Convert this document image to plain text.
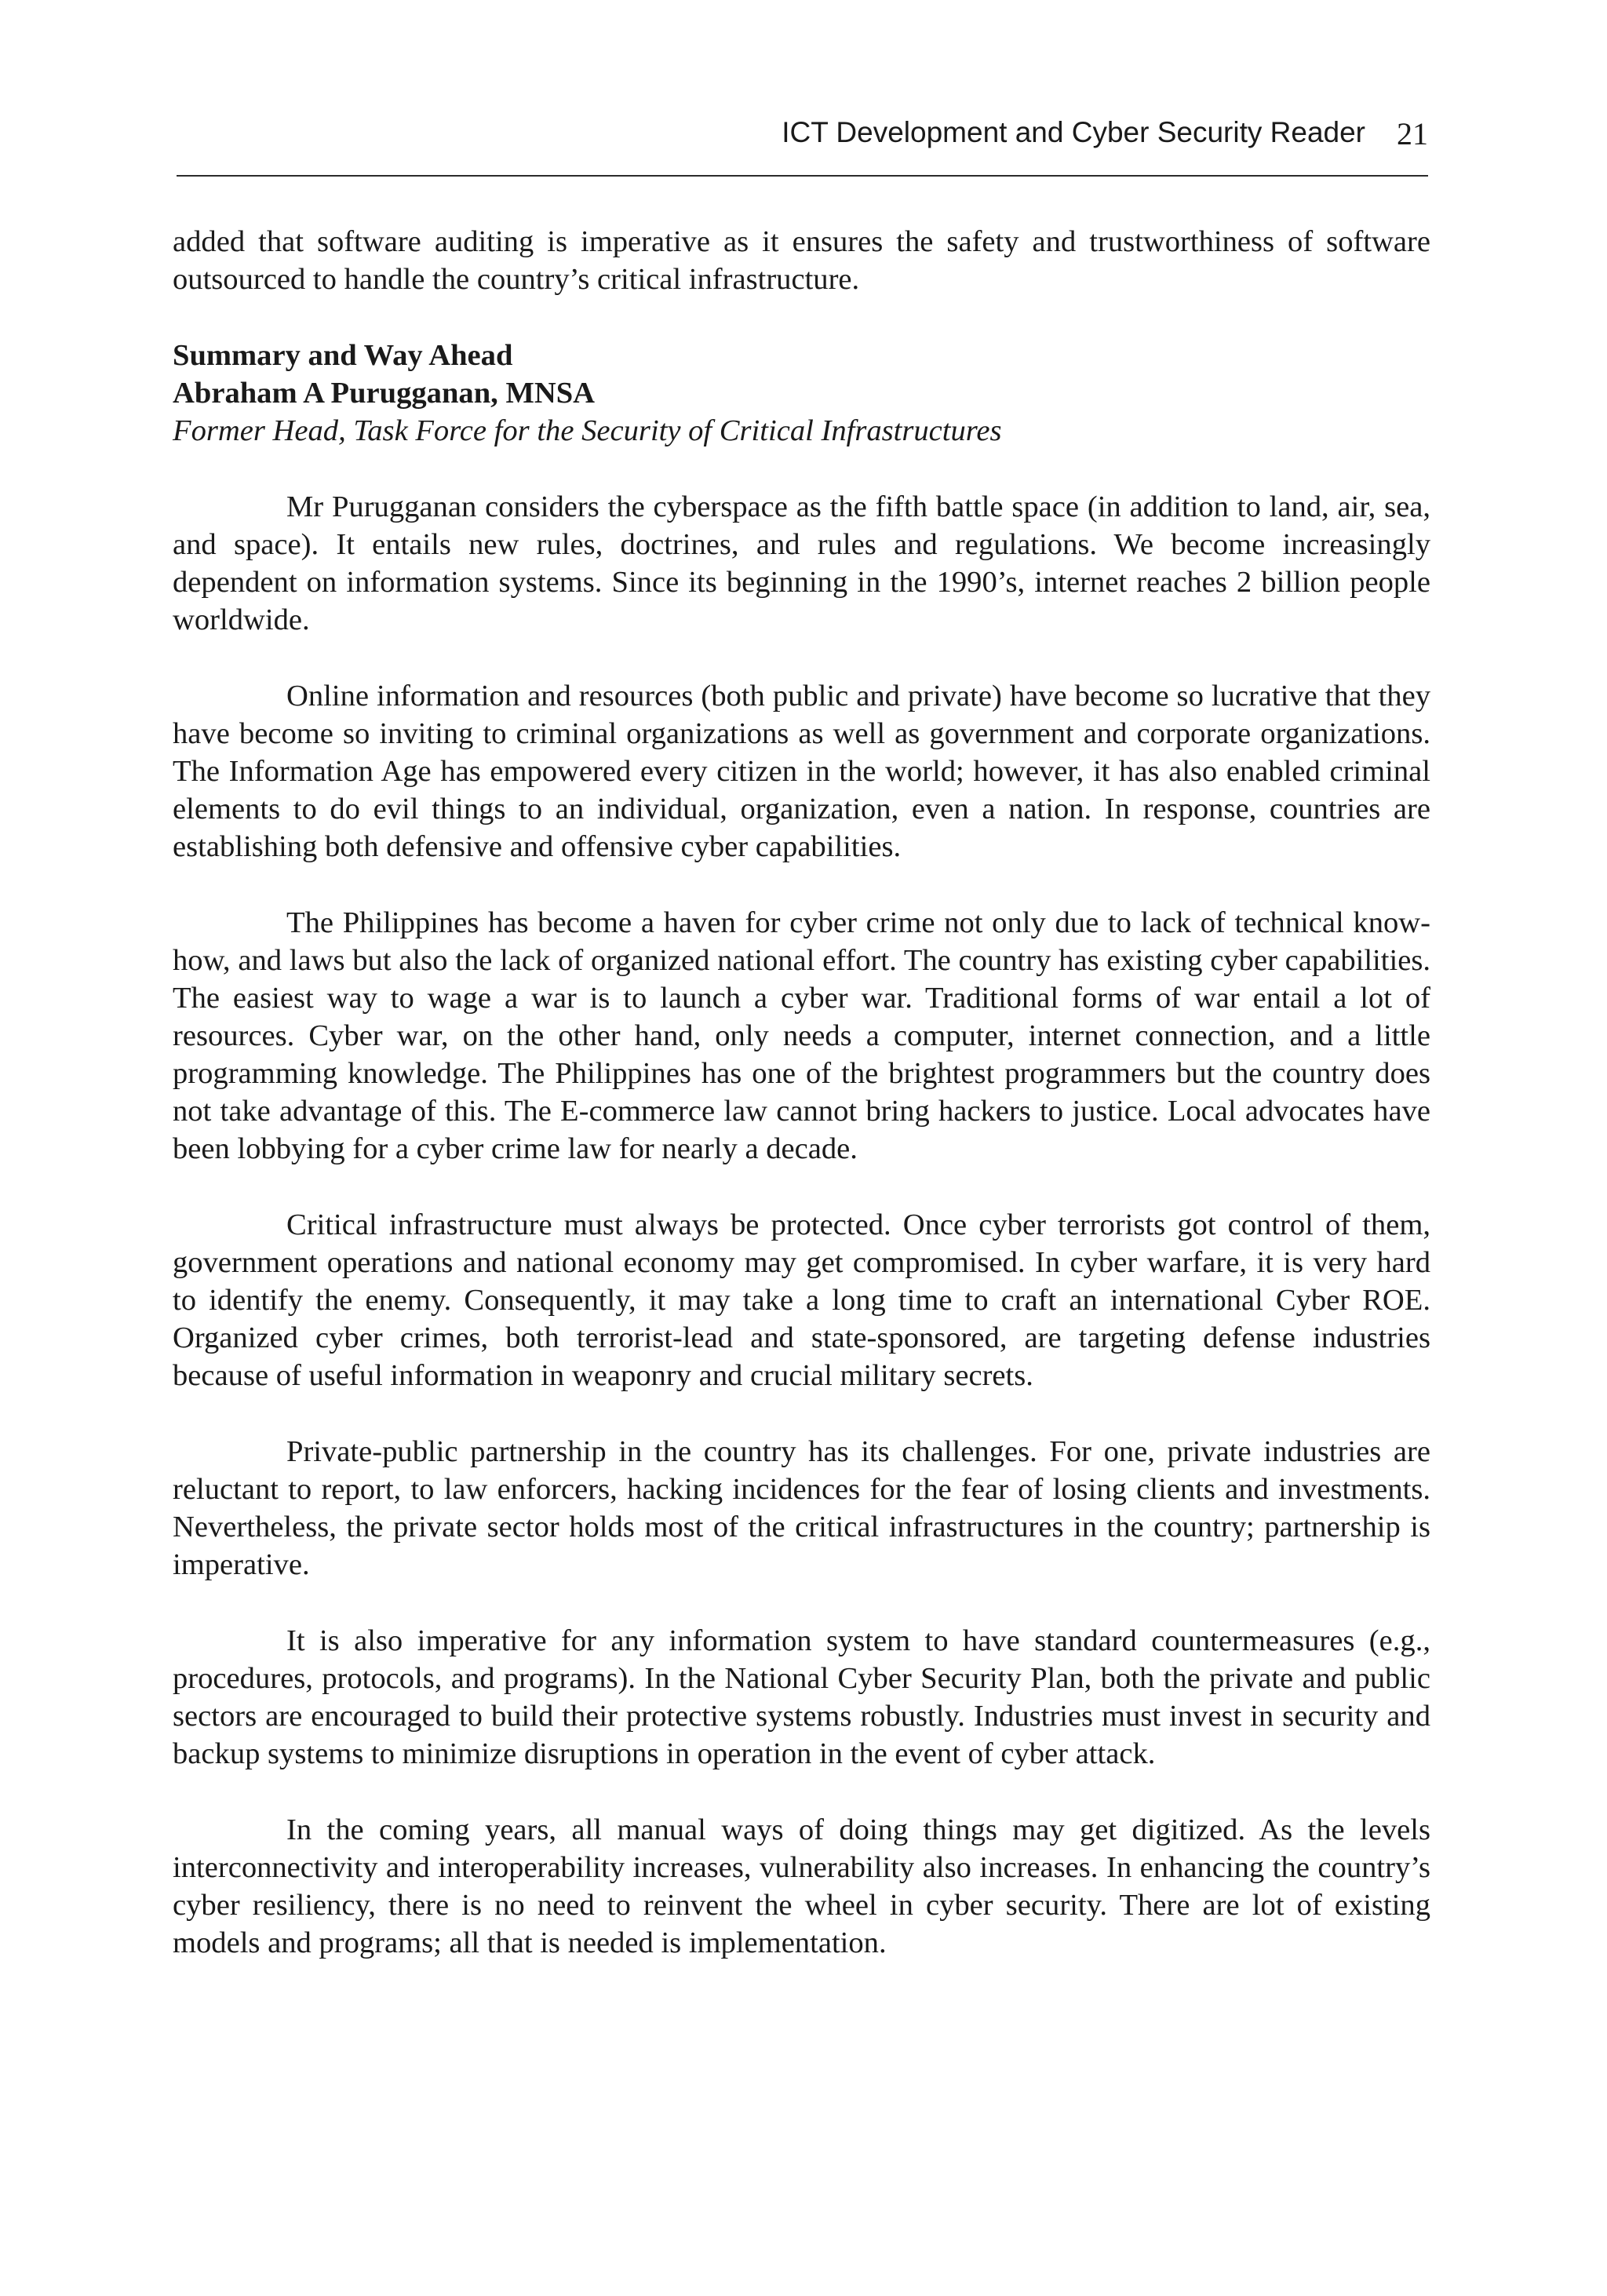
ICT Development and Cyber Security Reader 21

added that software auditing is imperative as it ensures the safety and trustworthiness of software outsourced to handle the country’s critical infrastructure.

Summary and Way Ahead
Abraham A Purugganan, MNSA
Former Head, Task Force for the Security of Critical Infrastructures

Mr Purugganan considers the cyberspace as the fifth battle space (in addition to land, air, sea, and space). It entails new rules, doctrines, and rules and regulations. We become increasingly dependent on information systems. Since its beginning in the 1990’s, internet reaches 2 billion people worldwide.

Online information and resources (both public and private) have become so lucrative that they have become so inviting to criminal organizations as well as government and corporate organizations. The Information Age has empowered every citizen in the world; however, it has also enabled criminal elements to do evil things to an individual, organization, even a nation. In response, countries are establishing both defensive and offensive cyber capabilities.

The Philippines has become a haven for cyber crime not only due to lack of technical know-how, and laws but also the lack of organized national effort. The country has existing cyber capabilities. The easiest way to wage a war is to launch a cyber war. Traditional forms of war entail a lot of resources. Cyber war, on the other hand, only needs a computer, internet connection, and a little programming knowledge. The Philippines has one of the brightest programmers but the country does not take advantage of this. The E-commerce law cannot bring hackers to justice. Local advocates have been lobbying for a cyber crime law for nearly a decade.

Critical infrastructure must always be protected. Once cyber terrorists got control of them, government operations and national economy may get compromised. In cyber warfare, it is very hard to identify the enemy. Consequently, it may take a long time to craft an international Cyber ROE. Organized cyber crimes, both terrorist-lead and state-sponsored, are targeting defense industries because of useful information in weaponry and crucial military secrets.

Private-public partnership in the country has its challenges. For one, private industries are reluctant to report, to law enforcers, hacking incidences for the fear of losing clients and investments. Nevertheless, the private sector holds most of the critical infrastructures in the country; partnership is imperative.

It is also imperative for any information system to have standard countermeasures (e.g., procedures, protocols, and programs). In the National Cyber Security Plan, both the private and public sectors are encouraged to build their protective systems robustly. Industries must invest in security and backup systems to minimize disruptions in operation in the event of cyber attack.

In the coming years, all manual ways of doing things may get digitized. As the levels interconnectivity and interoperability increases, vulnerability also increases. In enhancing the country’s cyber resiliency, there is no need to reinvent the wheel in cyber security. There are lot of existing models and programs; all that is needed is implementation.
